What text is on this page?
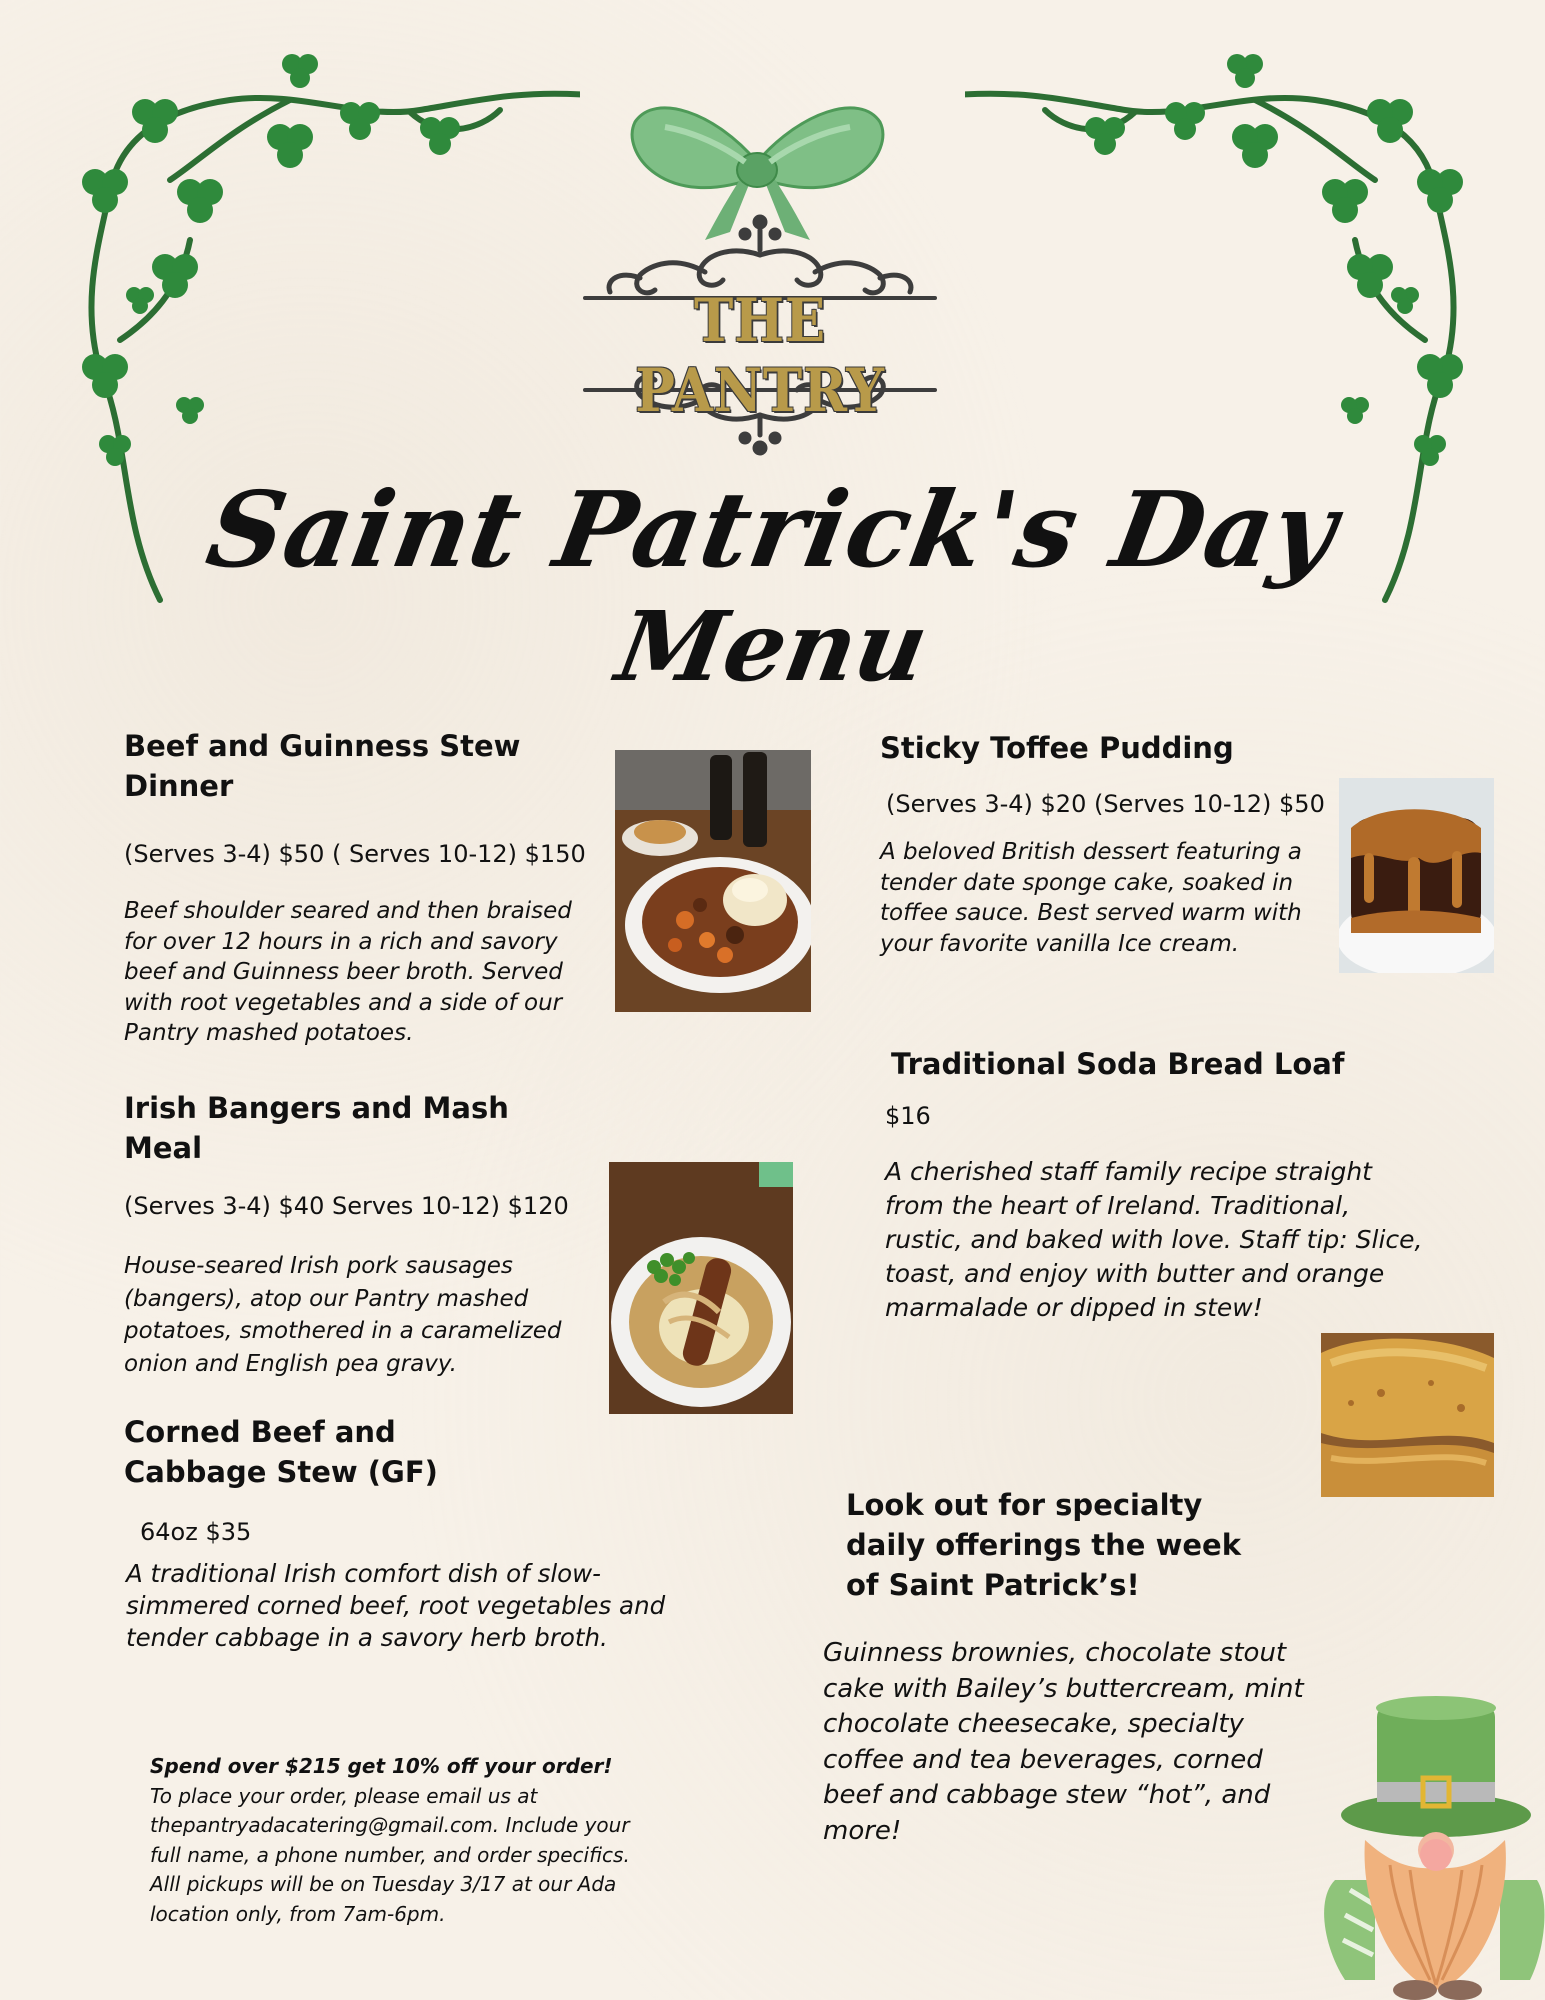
THE PANTRY
Saint Patrick's Day
Menu
Beef and Guinness Stew Dinner
(Serves 3-4) $50 ( Serves 10-12) $150
Beef shoulder seared and then braised for over 12 hours in a rich and savory beef and Guinness beer broth. Served with root vegetables and a side of our Pantry mashed potatoes.
Irish Bangers and Mash Meal
(Serves 3-4) $40 Serves 10-12) $120
House-seared Irish pork sausages (bangers), atop our Pantry mashed potatoes, smothered in a caramelized onion and English pea gravy.
Corned Beef and Cabbage Stew (GF)
64oz $35
A traditional Irish comfort dish of slow-simmered corned beef, root vegetables and tender cabbage in a savory herb broth.
Sticky Toffee Pudding
(Serves 3-4) $20 (Serves 10-12) $50
A beloved British dessert featuring a tender date sponge cake, soaked in toffee sauce. Best served warm with your favorite vanilla Ice cream.
Traditional Soda Bread Loaf
$16
A cherished staff family recipe straight from the heart of Ireland. Traditional, rustic, and baked with love. Staff tip: Slice, toast, and enjoy with butter and orange marmalade or dipped in stew!
Look out for specialty daily offerings the week of Saint Patrick’s!
Guinness brownies, chocolate stout cake with Bailey’s buttercream, mint chocolate cheesecake, specialty coffee and tea beverages, corned beef and cabbage stew “hot”, and more!
Spend over $215 get 10% off your order! To place your order, please email us at thepantryadacatering@gmail.com. Include your full name, a phone number, and order specifics. Alll pickups will be on Tuesday 3/17 at our Ada location only, from 7am-6pm.
